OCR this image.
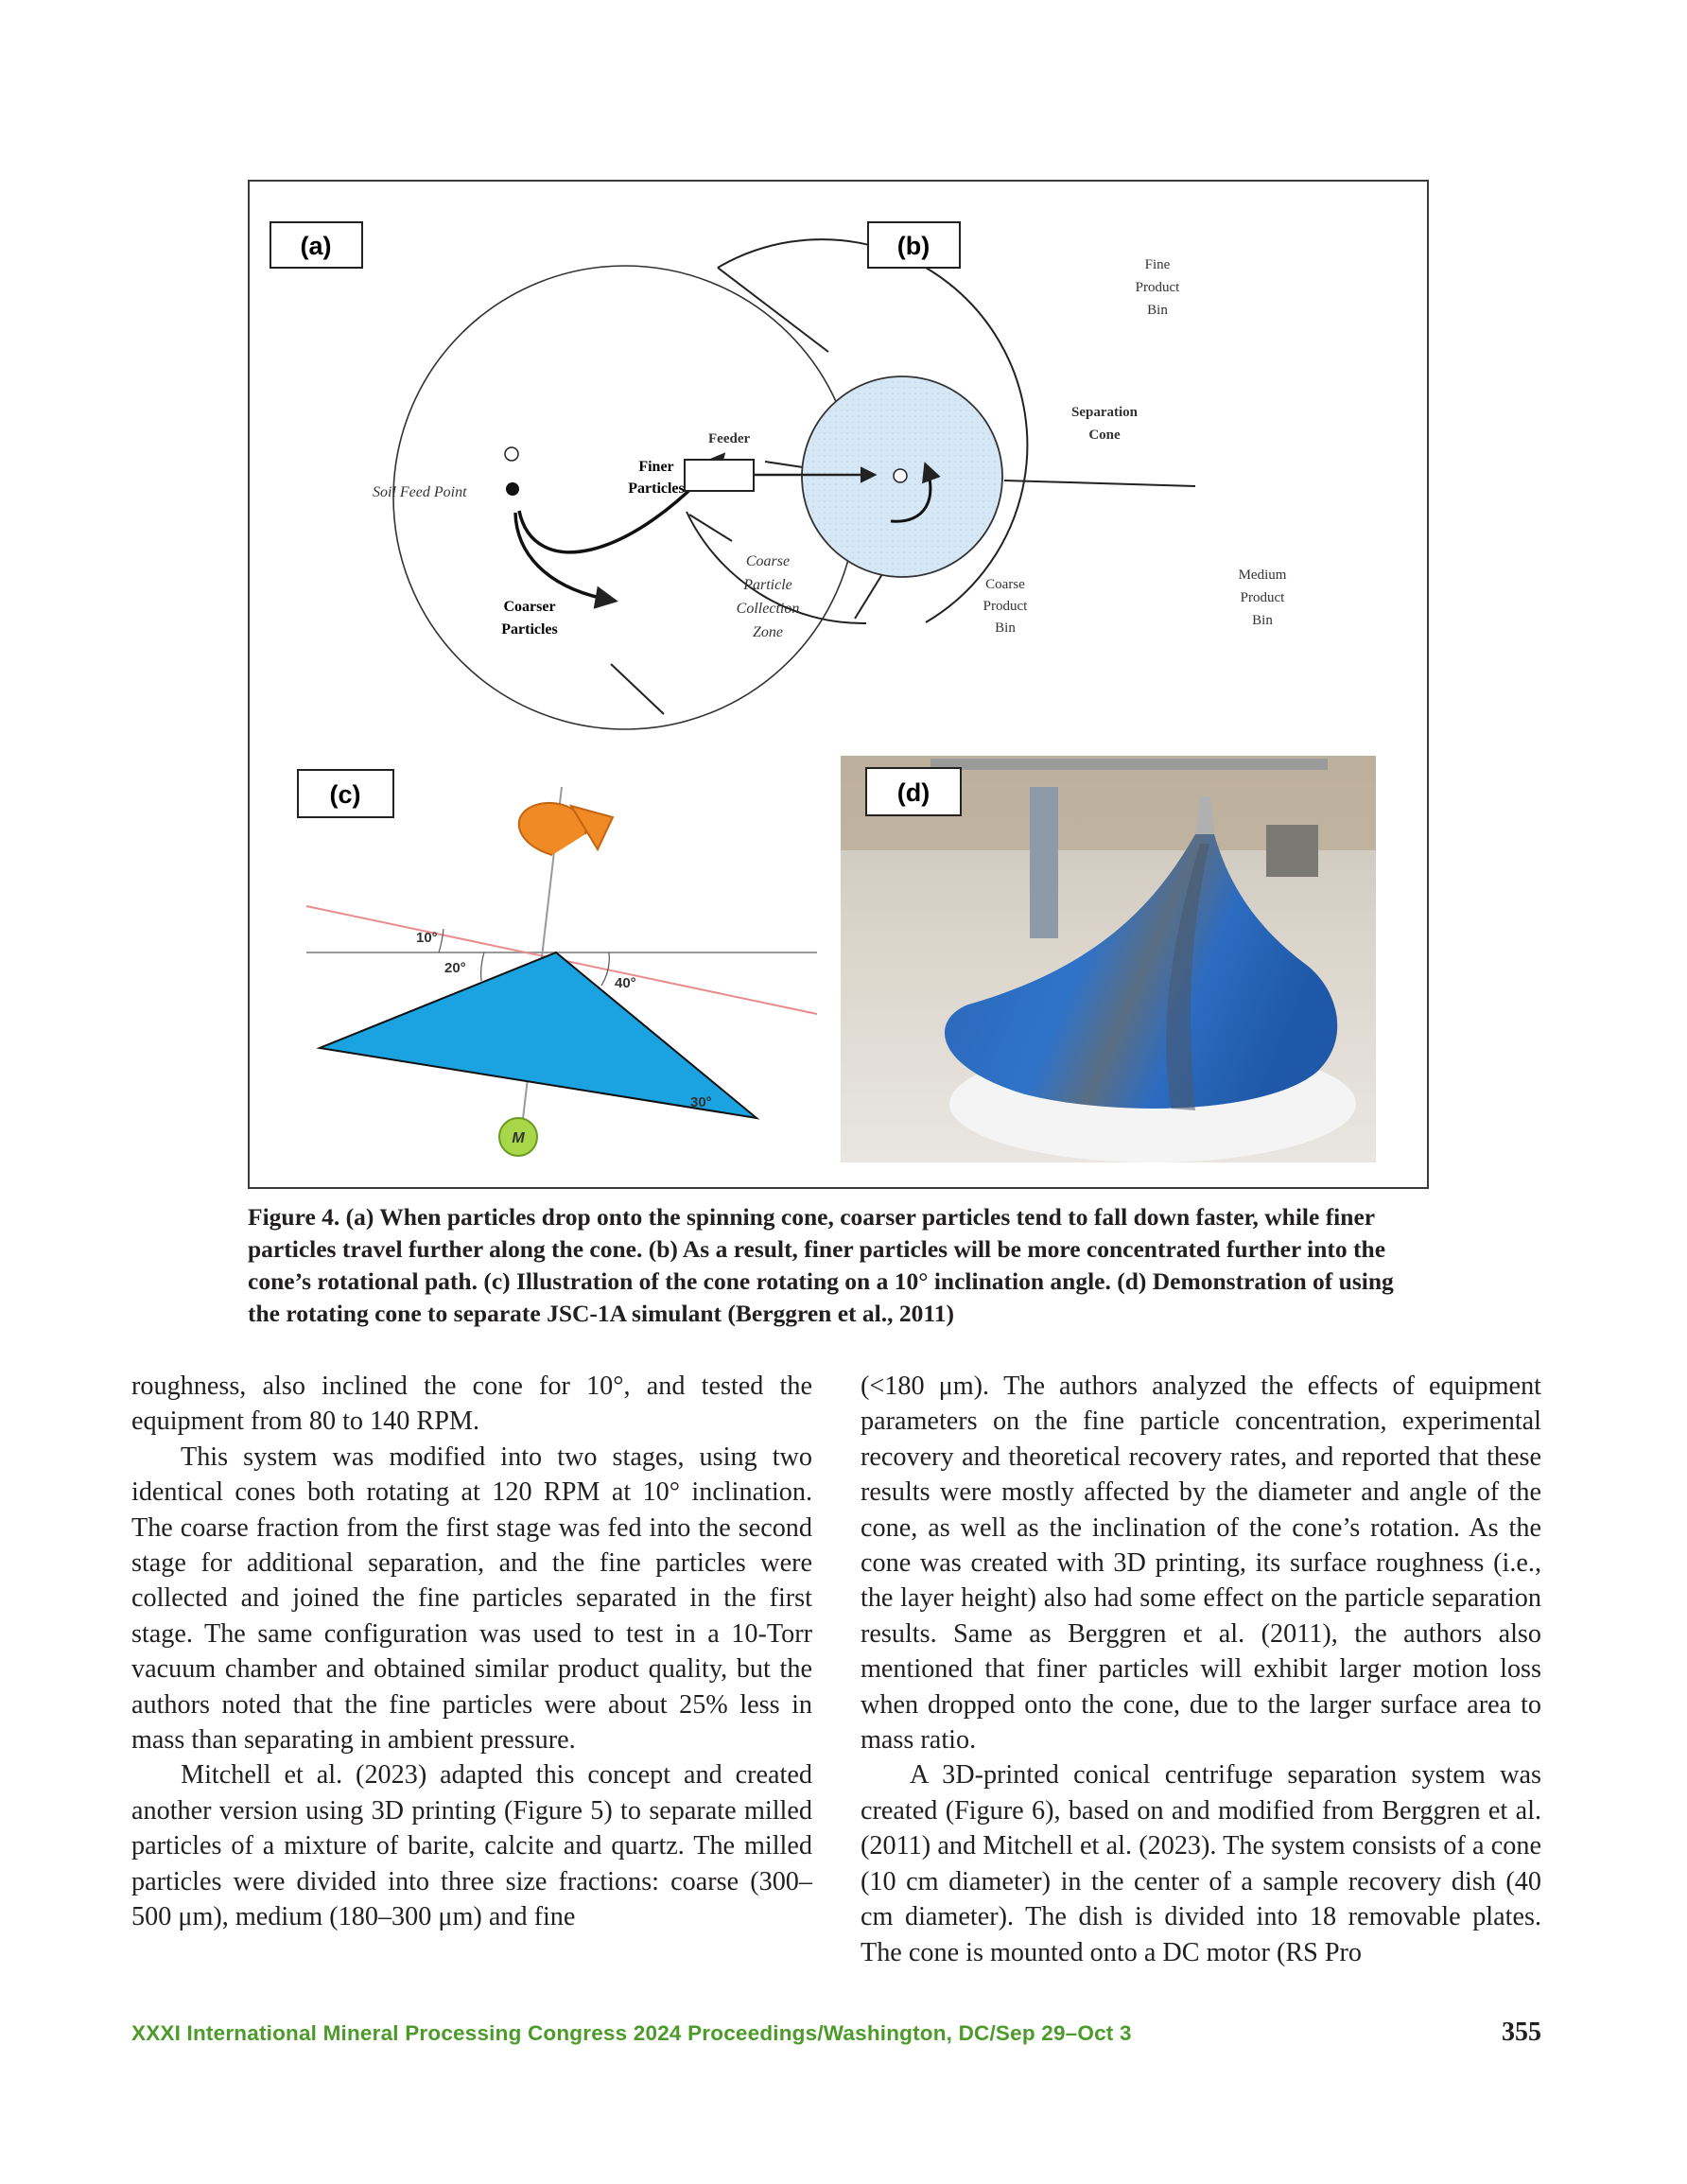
(a)
Soil Feed Point
Finer
Particles
Coarser
Particles
Coarse
Particle
Collection
Zone
Feeder
(b)
Fine
Product
Bin
Separation
Cone
Coarse
Product
Bin
Medium
Product
Bin
(c)
M
10°
20°
40°
30°
(d)
Figure 4. (a) When particles drop onto the spinning cone, coarser particles tend to fall down faster, while finer particles travel further along the cone. (b) As a result, finer particles will be more concentrated further into the cone’s rotational path. (c) Illustration of the cone rotating on a 10° inclination angle. (d) Demonstration of using the rotating cone to separate JSC-1A simulant (Berggren et al., 2011)

roughness, also inclined the cone for 10°, and tested the equipment from 80 to 140 RPM.

This system was modified into two stages, using two identical cones both rotating at 120 RPM at 10° inclination. The coarse fraction from the first stage was fed into the second stage for additional separation, and the fine particles were collected and joined the fine particles separated in the first stage. The same configuration was used to test in a 10-Torr vacuum chamber and obtained similar product quality, but the authors noted that the fine particles were about 25% less in mass than separating in ambient pressure.

Mitchell et al. (2023) adapted this concept and created another version using 3D printing (Figure 5) to separate milled particles of a mixture of barite, calcite and quartz. The milled particles were divided into three size fractions: coarse (300–500 μm), medium (180–300 μm) and fine

(<180 μm). The authors analyzed the effects of equipment parameters on the fine particle concentration, experimental recovery and theoretical recovery rates, and reported that these results were mostly affected by the diameter and angle of the cone, as well as the inclination of the cone’s rotation. As the cone was created with 3D printing, its surface roughness (i.e., the layer height) also had some effect on the particle separation results. Same as Berggren et al. (2011), the authors also mentioned that finer particles will exhibit larger motion loss when dropped onto the cone, due to the larger surface area to mass ratio.

A 3D-printed conical centrifuge separation system was created (Figure 6), based on and modified from Berggren et al. (2011) and Mitchell et al. (2023). The system consists of a cone (10 cm diameter) in the center of a sample recovery dish (40 cm diameter). The dish is divided into 18 removable plates. The cone is mounted onto a DC motor (RS Pro

XXXI International Mineral Processing Congress 2024 Proceedings/Washington, DC/Sep 29–Oct 3	355
